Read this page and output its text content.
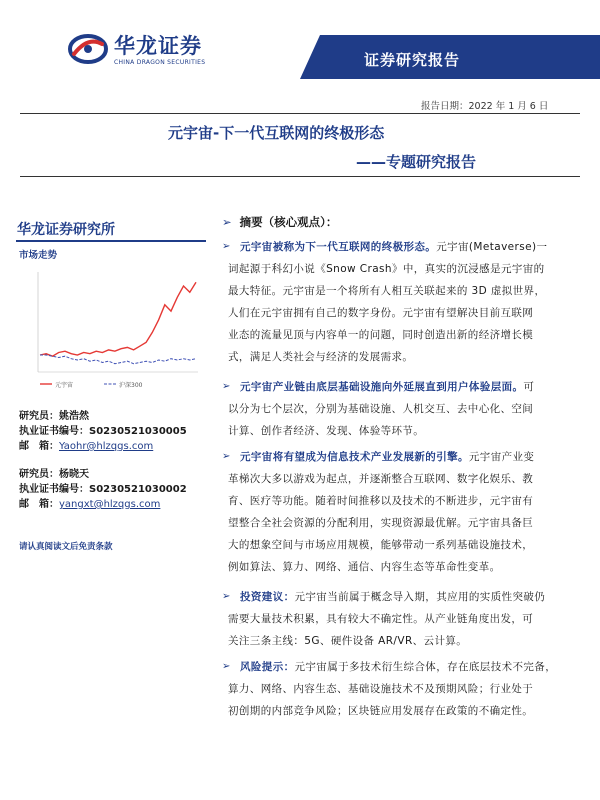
华龙证券
CHINA DRAGON SECURITIES	证券研究报告
报告日期：2022 年 1 月 6 日
元宇宙-下一代互联网的终极形态
——专题研究报告
华龙证券研究所
市场走势
元宇宙	沪深300
研究员：姚浩然
执业证书编号：S0230521030005
邮　箱：Yaohr@hlzqgs.com
研究员：杨晓天
执业证书编号：S0230521030002
邮　箱：yangxt@hlzqgs.com
请认真阅读文后免责条款
➢ 摘要（核心观点）：
➢ 元宇宙被称为下一代互联网的终极形态。元宇宙(Metaverse)一
词起源于科幻小说《Snow Crash》中，真实的沉浸感是元宇宙的
最大特征。元宇宙是一个将所有人相互关联起来的 3D 虚拟世界，
人们在元宇宙拥有自己的数字身份。元宇宙有望解决目前互联网
业态的流量见顶与内容单一的问题，同时创造出新的经济增长模
式，满足人类社会与经济的发展需求。
➢ 元宇宙产业链由底层基础设施向外延展直到用户体验层面。可
以分为七个层次，分别为基础设施、人机交互、去中心化、空间
计算、创作者经济、发现、体验等环节。
➢ 元宇宙将有望成为信息技术产业发展新的引擎。元宇宙产业变
革梯次大多以游戏为起点，并逐渐整合互联网、数字化娱乐、教
育、医疗等功能。随着时间推移以及技术的不断进步，元宇宙有
望整合全社会资源的分配利用，实现资源最优解。元宇宙具备巨
大的想象空间与市场应用规模，能够带动一系列基础设施技术，
例如算法、算力、网络、通信、内容生态等革命性变革。
➢ 投资建议：元宇宙当前属于概念导入期，其应用的实质性突破仍
需要大量技术积累，具有较大不确定性。从产业链角度出发，可
关注三条主线：5G、硬件设备 AR/VR、云计算。
➢ 风险提示：元宇宙属于多技术衍生综合体，存在底层技术不完备，
算力、网络、内容生态、基础设施技术不及预期风险；行业处于
初创期的内部竞争风险；区块链应用发展存在政策的不确定性。
